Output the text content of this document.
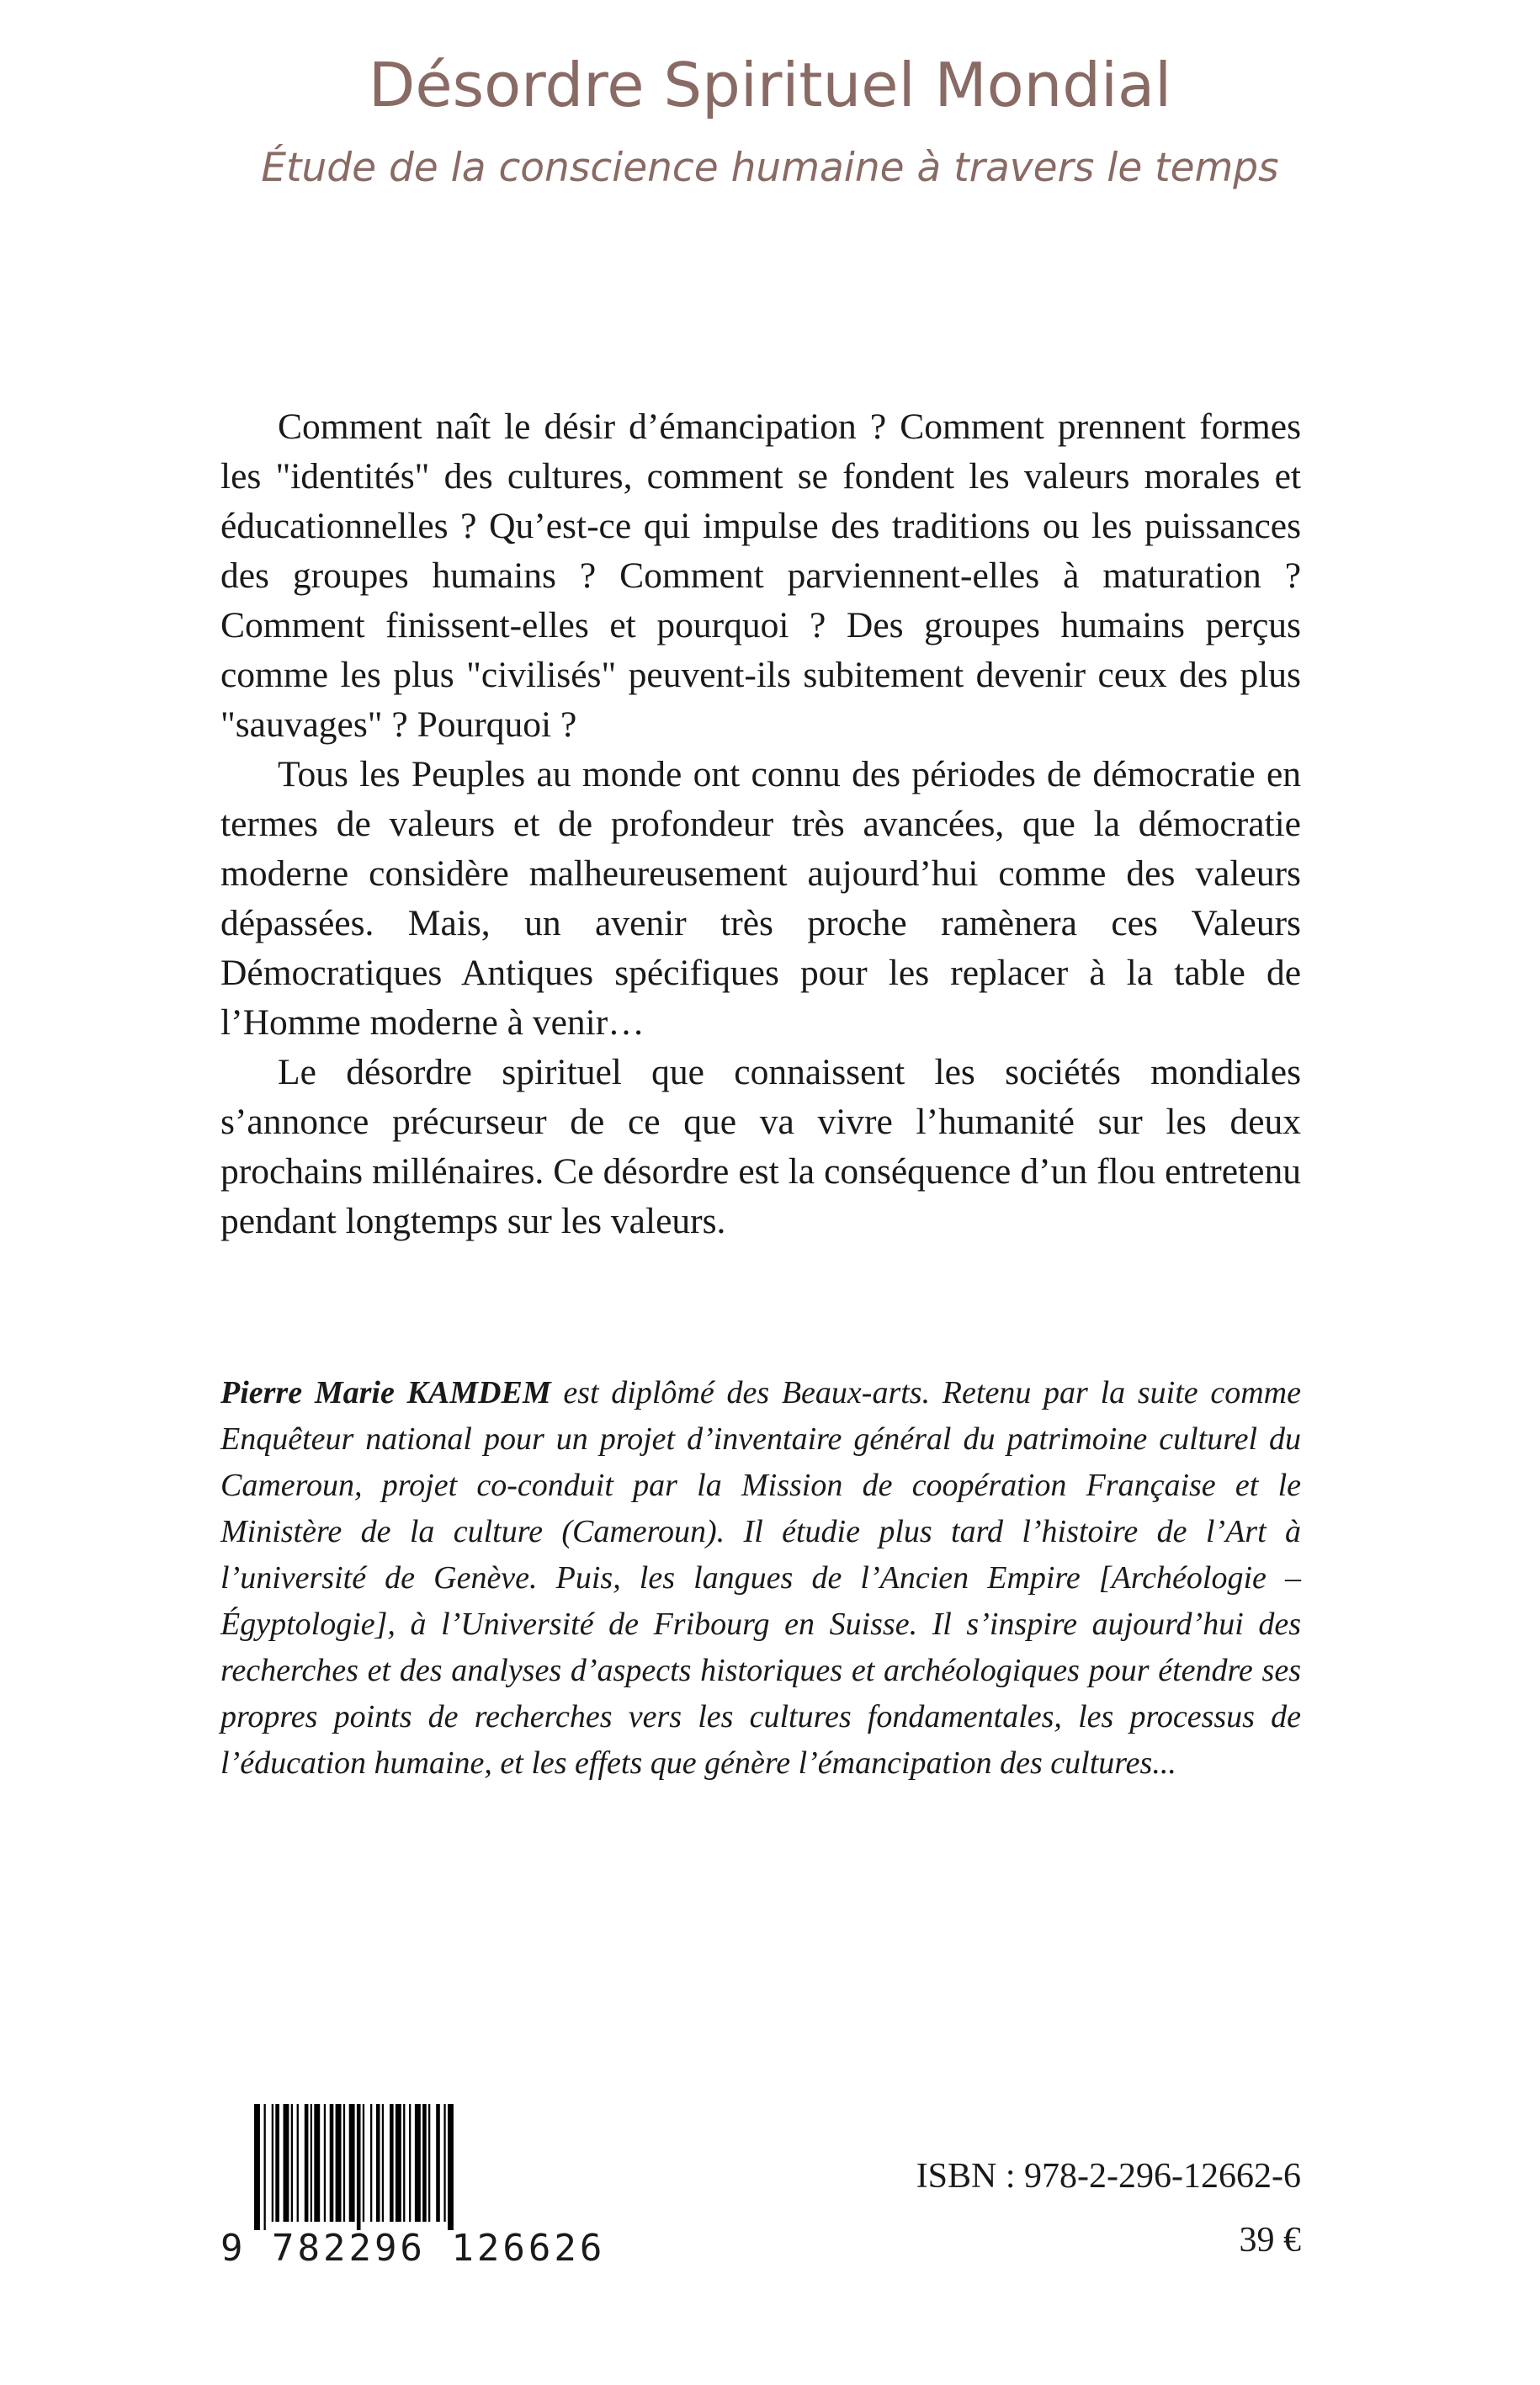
Désordre Spirituel Mondial
Étude de la conscience humaine à travers le temps

Comment naît le désir d’émancipation ? Comment prennent formes les "identités" des cultures, comment se fondent les valeurs morales et éducationnelles ? Qu’est-ce qui impulse des traditions ou les puissances des groupes humains ? Comment parviennent-elles à maturation ? Comment finissent-elles et pourquoi ? Des groupes humains perçus comme les plus "civilisés" peuvent-ils subitement devenir ceux des plus "sauvages" ? Pourquoi ?

Tous les Peuples au monde ont connu des périodes de démocratie en termes de valeurs et de profondeur très avancées, que la démocratie moderne considère malheureusement aujourd’hui comme des valeurs dépassées. Mais, un avenir très proche ramènera ces Valeurs Démocratiques Antiques spécifiques pour les replacer à la table de l’Homme moderne à venir…

Le désordre spirituel que connaissent les sociétés mondiales s’annonce précurseur de ce que va vivre l’humanité sur les deux prochains millénaires. Ce désordre est la conséquence d’un flou entretenu pendant longtemps sur les valeurs.

Pierre Marie KAMDEM est diplômé des Beaux-arts. Retenu par la suite comme Enquêteur national pour un projet d’inventaire général du patrimoine culturel du Cameroun, projet co-conduit par la Mission de coopération Française et le Ministère de la culture (Cameroun). Il étudie plus tard l’histoire de l’Art à l’université de Genève. Puis, les langues de l’Ancien Empire [Archéologie – Égyptologie], à l’Université de Fribourg en Suisse. Il s’inspire aujourd’hui des recherches et des analyses d’aspects historiques et archéologiques pour étendre ses propres points de recherches vers les cultures fondamentales, les processus de l’éducation humaine, et les effets que génère l’émancipation des cultures...

9 782296 126626
ISBN : 978-2-296-12662-6
39 €
